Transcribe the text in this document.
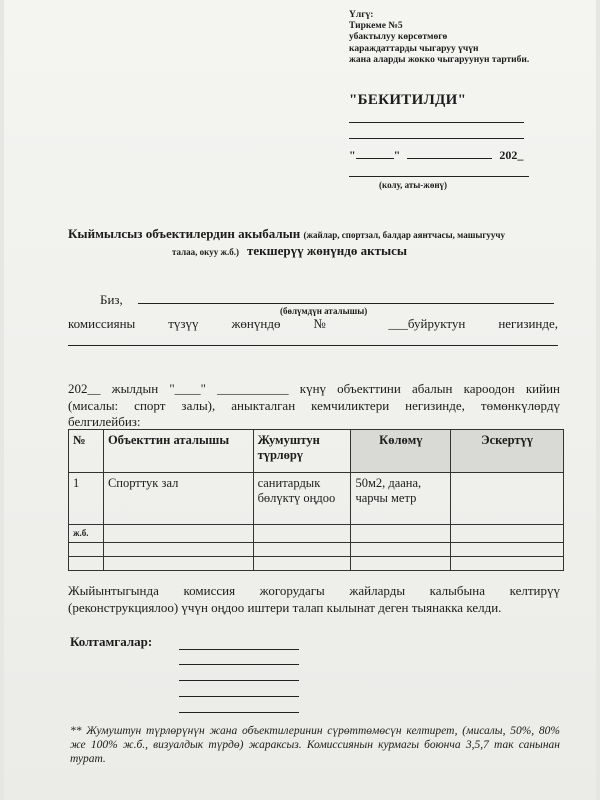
Үлгү:
Тиркеме №5
убактылуу көрсөтмөгө
караждаттарды чыгаруу үчүн
жана аларды жокко чыгаруунун тартиби.
"БЕКИТИЛДИ"
"	"	202_
(колу, аты-жөнү)
Кыймылсыз объектилердин акыбалын (жайлар, спортзал, балдар аянтчасы, машыгуучу
талаа, окуу ж.б.) текшерүү жөнүндө актысы
Биз,
(бөлүмдүн аталышы)
комиссияны	түзүү	жөнүндө	№	___буйруктун	негизинде,
202__ жылдын "____" ___________ күнү объекттини абалын кароодон кийин
(мисалы: спорт залы), аныкталган кемчиликтери негизинде, төмөнкүлөрдү
белгилейбиз:
№	Объекттин аталышы	Жумуштун түрлөрү	Көлөмү	Эскертүү
1	Спорттук зал	санитардык бөлүктү оңдоо	50м2, даана, чарчы метр	
ж.б.				

Жыйынтыгында комиссия жогорудагы жайларды калыбына келтирүү
(реконструкциялоо) үчүн оңдоо иштери талап кылынат деген тыянакка келди.
Колтамгалар:
** Жумуштун түрлөрүнүн жана объектилеринин сүрөттөмөсүн келтирет, (мисалы, 50%, 80% же 100% ж.б., визуалдык түрдө) жараксыз. Комиссиянын курмагы боюнча 3,5,7 так санынан турат.
